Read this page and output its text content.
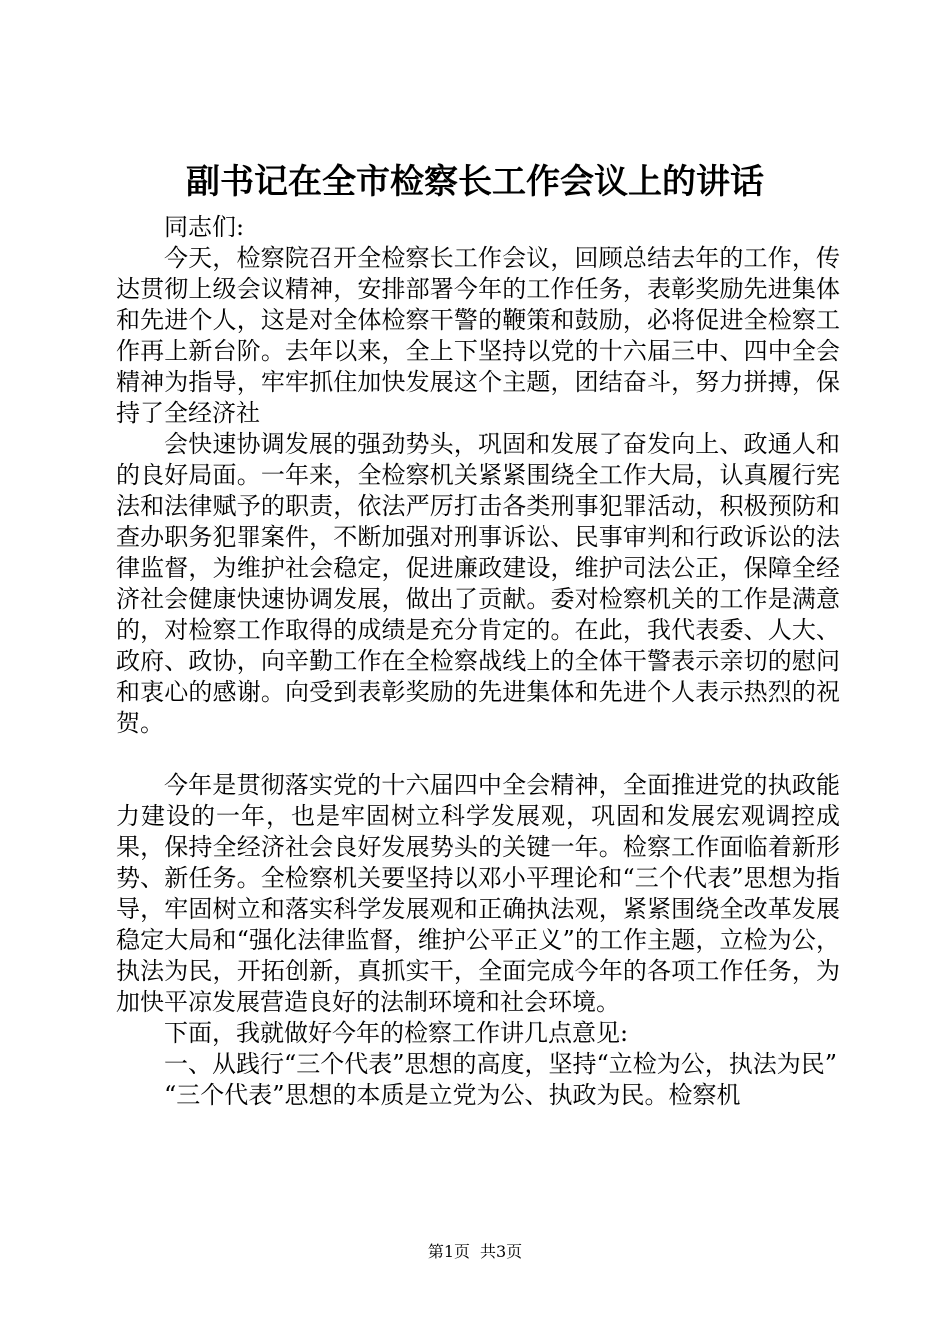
副书记在全市检察长工作会议上的讲话

同志们:

今天，检察院召开全检察长工作会议，回顾总结去年的工作，传达贯彻上级会议精神，安排部署今年的工作任务，表彰奖励先进集体和先进个人，这是对全体检察干警的鞭策和鼓励，必将促进全检察工作再上新台阶。去年以来，全上下坚持以党的十六届三中、四中全会精神为指导，牢牢抓住加快发展这个主题，团结奋斗，努力拼搏，保持了全经济社

会快速协调发展的强劲势头，巩固和发展了奋发向上、政通人和的良好局面。一年来，全检察机关紧紧围绕全工作大局，认真履行宪法和法律赋予的职责，依法严厉打击各类刑事犯罪活动，积极预防和查办职务犯罪案件，不断加强对刑事诉讼、民事审判和行政诉讼的法律监督，为维护社会稳定，促进廉政建设，维护司法公正，保障全经济社会健康快速协调发展，做出了贡献。委对检察机关的工作是满意的，对检察工作取得的成绩是充分肯定的。在此，我代表委、人大、政府、政协，向辛勤工作在全检察战线上的全体干警表示亲切的慰问和衷心的感谢。向受到表彰奖励的先进集体和先进个人表示热烈的祝贺。

今年是贯彻落实党的十六届四中全会精神，全面推进党的执政能力建设的一年，也是牢固树立科学发展观，巩固和发展宏观调控成果，保持全经济社会良好发展势头的关键一年。检察工作面临着新形势、新任务。全检察机关要坚持以邓小平理论和“三个代表”思想为指导，牢固树立和落实科学发展观和正确执法观，紧紧围绕全改革发展稳定大局和“强化法律监督，维护公平正义”的工作主题，立检为公，执法为民，开拓创新，真抓实干，全面完成今年的各项工作任务，为加快平凉发展营造良好的法制环境和社会环境。

下面，我就做好今年的检察工作讲几点意见:

一、从践行“三个代表”思想的高度，坚持“立检为公，执法为民”

“三个代表”思想的本质是立党为公、执政为民。检察机

第1页 共3页
